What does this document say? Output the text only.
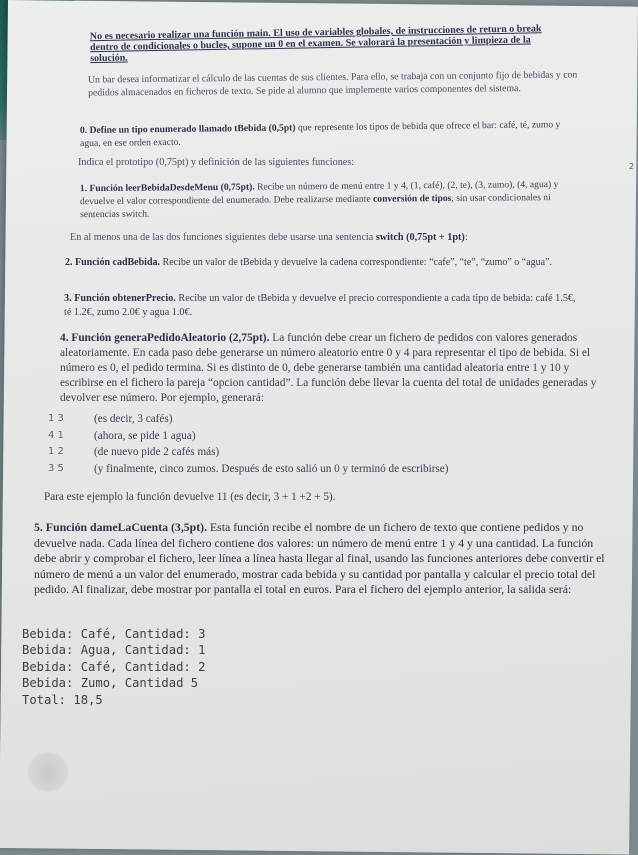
No es necesario realizar una función main. El uso de variables globales, de instrucciones de return o break dentro de condicionales o bucles, supone un 0 en el examen. Se valorará la presentación y limpieza de la solución.
Un bar desea informatizar el cálculo de las cuentas de sus clientes. Para ello, se trabaja con un conjunto fijo de bebidas y con pedidos almacenados en ficheros de texto. Se pide al alumno que implemente varios componentes del sistema.
0. Define un tipo enumerado llamado tBebida (0,5pt) que represente los tipos de bebida que ofrece el bar: café, té, zumo y agua, en ese orden exacto.
Indica el prototipo (0,75pt) y definición de las siguientes funciones:
1. Función leerBebidaDesdeMenu (0,75pt). Recibe un número de menú entre 1 y 4, (1, café), (2, te), (3, zumo), (4, agua) y devuelve el valor correspondiente del enumerado. Debe realizarse mediante conversión de tipos, sin usar condicionales ni sentencias switch.
En al menos una de las dos funciones siguientes debe usarse una sentencia switch (0,75pt + 1pt):
2. Función cadBebida. Recibe un valor de tBebida y devuelve la cadena correspondiente: “cafe”, “te”, “zumo” o “agua”.
3. Función obtenerPrecio. Recibe un valor de tBebida y devuelve el precio correspondiente a cada tipo de bebida: café 1.5€, té 1.2€, zumo 2.0€ y agua 1.0€.
4. Función generaPedidoAleatorio (2,75pt). La función debe crear un fichero de pedidos con valores generados aleatoriamente. En cada paso debe generarse un número aleatorio entre 0 y 4 para representar el tipo de bebida. Si el número es 0, el pedido termina. Si es distinto de 0, debe generarse también una cantidad aleatoria entre 1 y 10 y escribirse en el fichero la pareja “opcion cantidad”. La función debe llevar la cuenta del total de unidades generadas y devolver ese número. Por ejemplo, generará:
1 3	(es decir, 3 cafés)
4 1	(ahora, se pide 1 agua)
1 2	(de nuevo pide 2 cafés más)
3 5	(y finalmente, cinco zumos. Después de esto salió un 0 y terminó de escribirse)
Para este ejemplo la función devuelve 11 (es decir, 3 + 1 +2 + 5).
5. Función dameLaCuenta (3,5pt). Esta función recibe el nombre de un fichero de texto que contiene pedidos y no devuelve nada. Cada línea del fichero contiene dos valores: un número de menú entre 1 y 4 y una cantidad. La función debe abrir y comprobar el fichero, leer línea a línea hasta llegar al final, usando las funciones anteriores debe convertir el número de menú a un valor del enumerado, mostrar cada bebida y su cantidad por pantalla y calcular el precio total del pedido. Al finalizar, debe mostrar por pantalla el total en euros. Para el fichero del ejemplo anterior, la salida será:
Bebida: Café, Cantidad: 3
Bebida: Agua, Cantidad: 1
Bebida: Café, Cantidad: 2
Bebida: Zumo, Cantidad 5
Total: 18,5
2
